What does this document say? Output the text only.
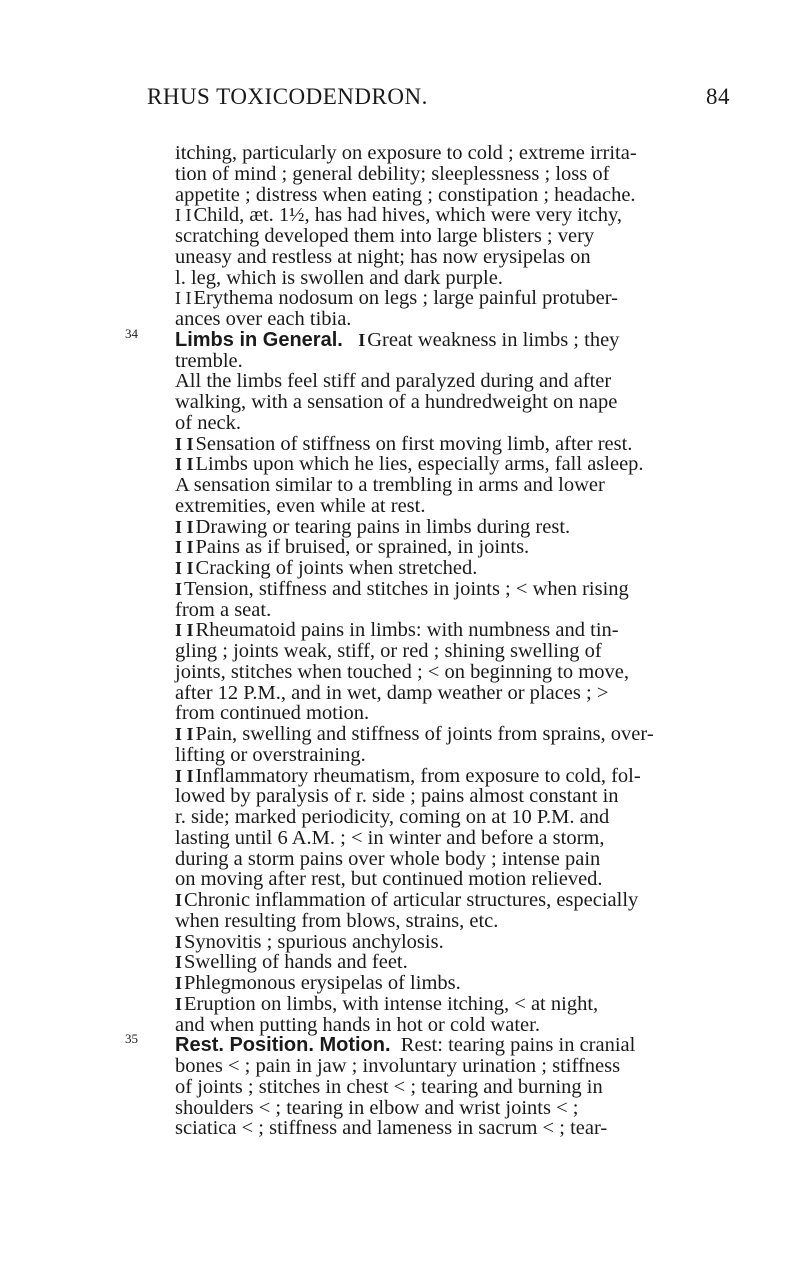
RHUS TOXICODENDRON.	84
itching, particularly on exposure to cold ; extreme irrita-
tion of mind ; general debility; sleeplessness ; loss of
appetite ; distress when eating ; constipation ; headache.
I IChild, æt. 1½, has had hives, which were very itchy,
scratching developed them into large blisters ; very
uneasy and restless at night; has now erysipelas on
l. leg, which is swollen and dark purple.
I IErythema nodosum on legs ; large painful protuber-
ances over each tibia.
34	Limbs in General. IGreat weakness in limbs ; they
tremble.
All the limbs feel stiff and paralyzed during and after
walking, with a sensation of a hundredweight on nape
of neck.
I ISensation of stiffness on first moving limb, after rest.
I ILimbs upon which he lies, especially arms, fall asleep.
A sensation similar to a trembling in arms and lower
extremities, even while at rest.
I IDrawing or tearing pains in limbs during rest.
I IPains as if bruised, or sprained, in joints.
I ICracking of joints when stretched.
ITension, stiffness and stitches in joints ; < when rising
from a seat.
I IRheumatoid pains in limbs: with numbness and tin-
gling ; joints weak, stiff, or red ; shining swelling of
joints, stitches when touched ; < on beginning to move,
after 12 P.M., and in wet, damp weather or places ; >
from continued motion.
I IPain, swelling and stiffness of joints from sprains, over-
lifting or overstraining.
I IInflammatory rheumatism, from exposure to cold, fol-
lowed by paralysis of r. side ; pains almost constant in
r. side; marked periodicity, coming on at 10 P.M. and
lasting until 6 A.M. ; < in winter and before a storm,
during a storm pains over whole body ; intense pain
on moving after rest, but continued motion relieved.
IChronic inflammation of articular structures, especially
when resulting from blows, strains, etc.
ISynovitis ; spurious anchylosis.
ISwelling of hands and feet.
IPhlegmonous erysipelas of limbs.
IEruption on limbs, with intense itching, < at night,
and when putting hands in hot or cold water.
35	Rest. Position. Motion. Rest: tearing pains in cranial
bones < ; pain in jaw ; involuntary urination ; stiffness
of joints ; stitches in chest < ; tearing and burning in
shoulders < ; tearing in elbow and wrist joints < ;
sciatica < ; stiffness and lameness in sacrum < ; tear-
